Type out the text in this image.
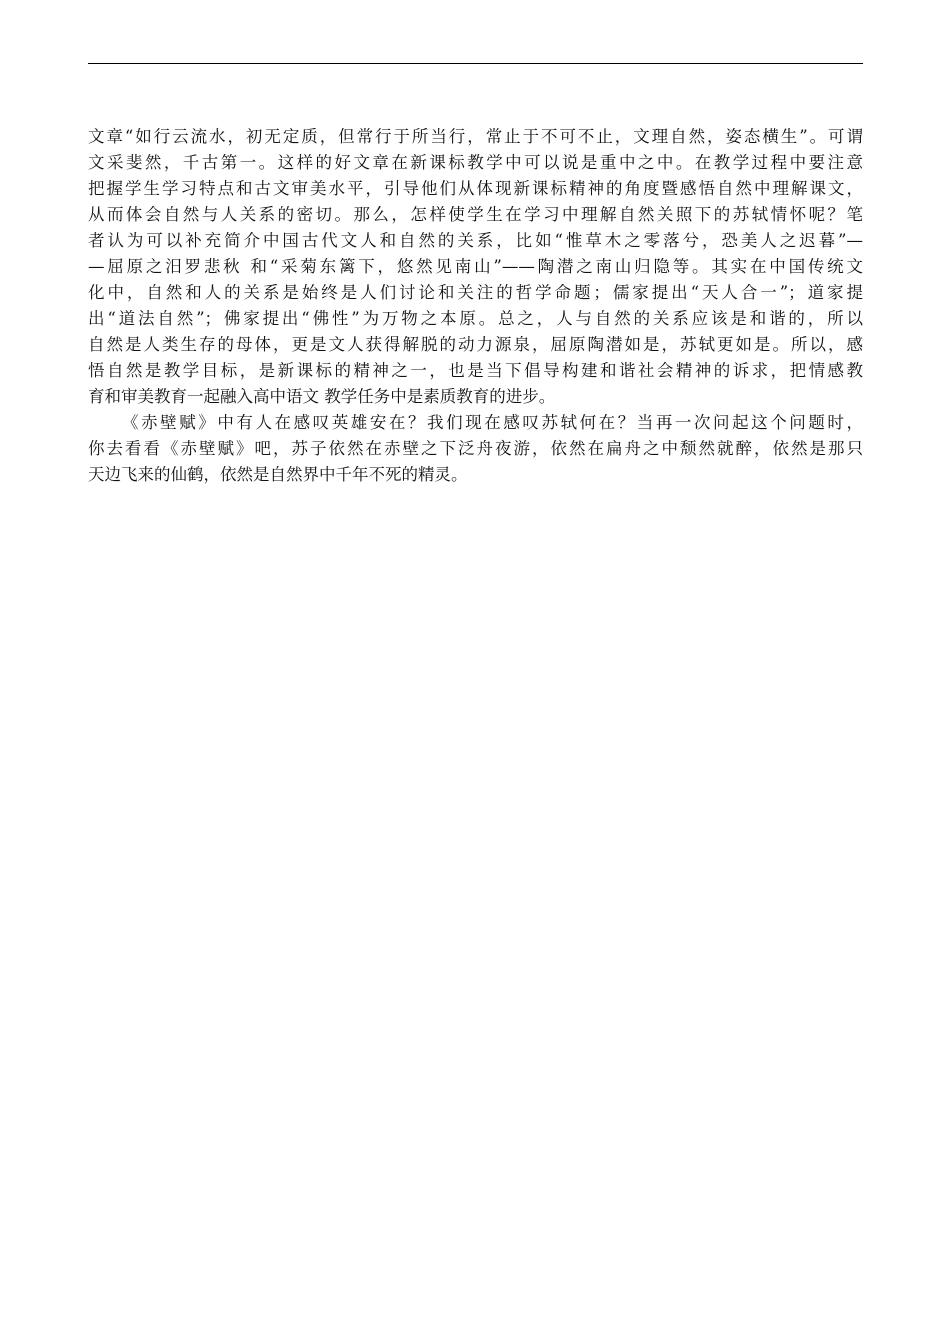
文章“如行云流水，初无定质，但常行于所当行，常止于不可不止，文理自然，姿态横生”。可谓
文采斐然，千古第一。这样的好文章在新课标教学中可以说是重中之中。在教学过程中要注意
把握学生学习特点和古文审美水平，引导他们从体现新课标精神的角度暨感悟自然中理解课文，
从而体会自然与人关系的密切。那么，怎样使学生在学习中理解自然关照下的苏轼情怀呢？笔
者认为可以补充简介中国古代文人和自然的关系，比如“惟草木之零落兮，恐美人之迟暮”—
—屈原之汨罗悲秋 和“采菊东篱下，悠然见南山”——陶潜之南山归隐等。其实在中国传统文
化中，自然和人的关系是始终是人们讨论和关注的哲学命题；儒家提出“天人合一”；道家提
出“道法自然”；佛家提出“佛性”为万物之本原。总之，人与自然的关系应该是和谐的，所以
自然是人类生存的母体，更是文人获得解脱的动力源泉，屈原陶潜如是，苏轼更如是。所以，感
悟自然是教学目标，是新课标的精神之一，也是当下倡导构建和谐社会精神的诉求，把情感教
育和审美教育一起融入高中语文 教学任务中是素质教育的进步。
《赤壁赋》中有人在感叹英雄安在？我们现在感叹苏轼何在？当再一次问起这个问题时，
你去看看《赤壁赋》吧，苏子依然在赤壁之下泛舟夜游，依然在扁舟之中颓然就醉，依然是那只
天边飞来的仙鹤，依然是自然界中千年不死的精灵。
